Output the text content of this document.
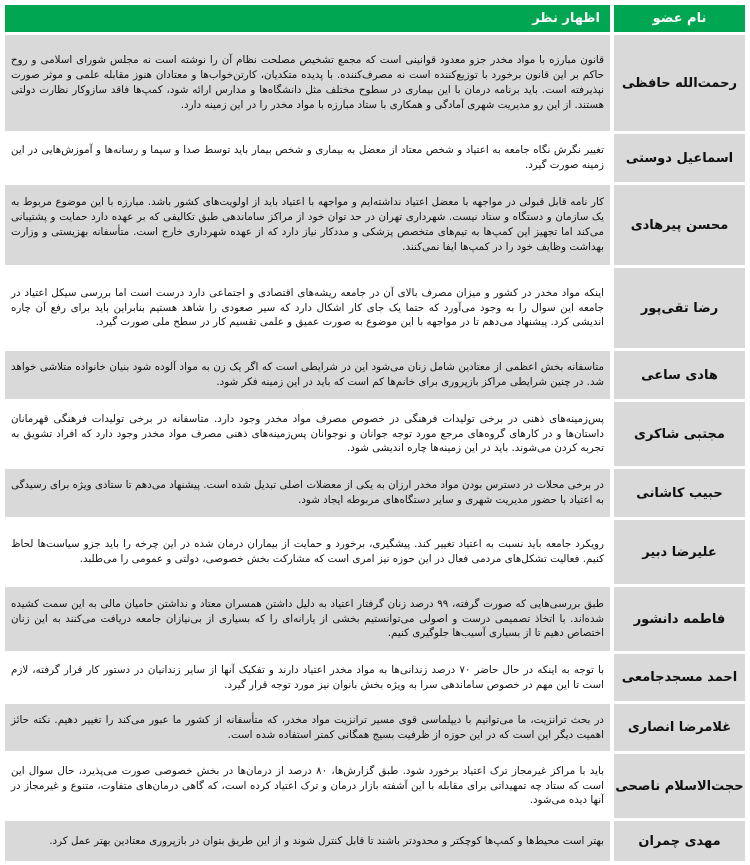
نام عضو
اظهار نظر
رحمت‌الله حافظی
قانون مبارزه با مواد مخدر جزو معدود قوانینی است که مجمع تشخیص مصلحت نظام آن را نوشته است نه مجلس شورای اسلامی و روح حاکم بر این قانون برخورد با توزیع‌کننده است نه مصرف‌کننده. با پدیده متکدیان، کارتن‌خواب‌ها و معتادان هنوز مقابله علمی و موثر صورت نپذیرفته است. باید برنامه درمان با این بیماری در سطوح مختلف مثل دانشگاه‌ها و مدارس ارائه شود، کمپ‌ها فاقد سازوکار نظارت دولتی هستند. از این رو مدیریت شهری آمادگی و همکاری با ستاد مبارزه با مواد مخدر را در این زمینه دارد.
اسماعیل دوستی
تغییر نگرش نگاه جامعه به اعتیاد و شخص معتاد از معضل به بیماری و شخص بیمار باید توسط صدا و سیما و رسانه‌ها و آموزش‌هایی در این زمینه صورت گیرد.
محسن پیرهادی
کار نامه قابل قبولی در مواجهه با معضل اعتیاد نداشته‌ایم و مواجهه با اعتیاد باید از اولویت‌های کشور باشد. مبارزه با این موضوع مربوط به یک سازمان و دستگاه و ستاد نیست. شهرداری تهران در حد توان خود از مراکز ساماندهی طبق تکالیفی که بر عهده دارد حمایت و پشتیبانی می‌کند اما تجهیز این کمپ‌ها به تیم‌های متخصص پزشکی و مددکار نیاز دارد که از عهده شهرداری خارج است. متأسفانه بهزیستی و وزارت بهداشت وظایف خود را در کمپ‌ها ایفا نمی‌کنند.
رضا تقی‌پور
اینکه مواد مخدر در کشور و میزان مصرف بالای آن در جامعه ریشه‌های اقتصادی و اجتماعی دارد درست است اما بررسی سیکل اعتیاد در جامعه این سوال را به وجود می‌آورد که حتما یک جای کار اشکال دارد که سیر صعودی را شاهد هستیم بنابراین باید برای رفع آن چاره اندیشی کرد. پیشنهاد می‌دهم تا در مواجهه با این موضوع به صورت عمیق و علمی تقسیم کار در سطح ملی صورت گیرد.
هادی ساعی
متاسفانه بخش اعظمی از معتادین شامل زنان می‌شود این در شرایطی است که اگر یک زن به مواد آلوده شود بنیان خانواده متلاشی خواهد شد. در چنین شرایطی مراکز بازپروری برای خانم‌ها کم است که باید در این زمینه فکر شود.
مجتبی شاکری
پس‌زمینه‌های ذهنی در برخی تولیدات فرهنگی در خصوص مصرف مواد مخدر وجود دارد. متاسفانه در برخی تولیدات فرهنگی قهرمانان داستان‌ها و در کارهای گروه‌های مرجع مورد توجه جوانان و نوجوانان پس‌زمینه‌های ذهنی مصرف مواد مخدر وجود دارد که افراد تشویق به تجربه کردن می‌شوند. باید در این زمینه‌ها چاره اندیشی شود.
حبیب کاشانی
در برخی محلات در دسترس بودن مواد مخدر ارزان به یکی از معضلات اصلی تبدیل شده است. پیشنهاد می‌دهم تا ستادی ویژه برای رسیدگی به اعتیاد با حضور مدیریت شهری و سایر دستگاه‌های مربوطه ایجاد شود.
علیرضا دبیر
رویکرد جامعه باید نسبت به اعتیاد تغییر کند. پیشگیری، برخورد و حمایت از بیماران درمان شده در این چرخه را باید جزو سیاست‌ها لحاظ کنیم. فعالیت تشکل‌های مردمی فعال در این حوزه نیز امری است که مشارکت بخش خصوصی، دولتی و عمومی را می‌طلبد.
فاطمه دانشور
طبق بررسی‌هایی که صورت گرفته، ۹۹ درصد زنان گرفتار اعتیاد به دلیل داشتن همسران معتاد و نداشتن حامیان مالی به این سمت کشیده شده‌اند. با اتخاذ تصمیمی درست و اصولی می‌توانستیم بخشی از یارانه‌ای را که بسیاری از بی‌نیازان جامعه دریافت می‌کنند به این زنان اختصاص دهیم تا از بسیاری آسیب‌ها جلوگیری کنیم.
احمد مسجدجامعی
با توجه به اینکه در حال حاضر ۷۰ درصد زندانی‌ها به مواد مخدر اعتیاد دارند و تفکیک آنها از سایر زندانیان در دستور کار قرار گرفته، لازم است تا این مهم در خصوص ساماندهی سرا به ویژه بخش بانوان نیز مورد توجه قرار گیرد.
غلامرضا انصاری
در بحث ترانزیت، ما می‌توانیم با دیپلماسی قوی مسیر ترانزیت مواد مخدر، که متأسفانه از کشور ما عبور می‌کند را تغییر دهیم. نکته حائز اهمیت دیگر این است که در این حوزه از ظرفیت بسیج همگانی کمتر استفاده شده است.
حجت‌الاسلام ناصحی
باید با مراکز غیرمجاز ترک اعتیاد برخورد شود. طبق گزارش‌ها، ۸۰ درصد از درمان‌ها در بخش خصوصی صورت می‌پذیرد، حال سوال این است که ستاد چه تمهیداتی برای مقابله با این آشفته بازار درمان و ترک اعتیاد کرده است، که گاهی درمان‌های متفاوت، متنوع و غیرمجاز در آنها دیده می‌شود.
مهدی چمران
بهتر است محیط‌ها و کمپ‌ها کوچکتر و محدودتر باشند تا قابل کنترل شوند و از این طریق بتوان در بازپروری معتادین بهتر عمل کرد.
